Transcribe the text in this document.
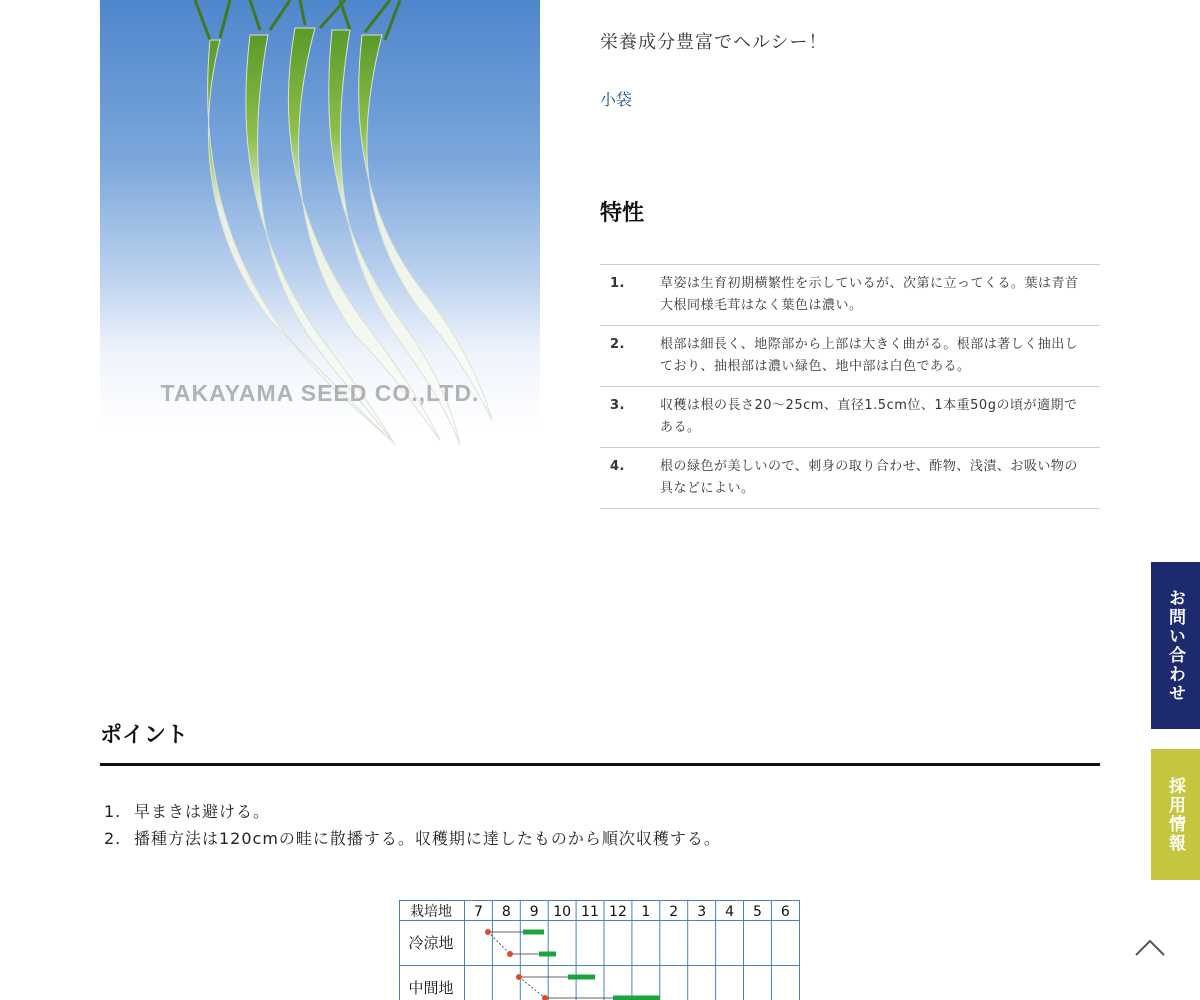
TAKAYAMA SEED CO.,LTD.
栄養成分豊富でヘルシー！
小袋
特性
1.	草姿は生育初期横繁性を示しているが、次第に立ってくる。葉は青首大根同様毛茸はなく葉色は濃い。
2.	根部は細長く、地際部から上部は大きく曲がる。根部は著しく抽出しており、抽根部は濃い緑色、地中部は白色である。
3.	収穫は根の長さ20〜25cm、直径1.5cm位、1本重50gの頃が適期である。
4.	根の緑色が美しいので、刺身の取り合わせ、酢物、浅漬、お吸い物の具などによい。
ポイント
1. 早まきは避ける。
2. 播種方法は120cmの畦に散播する。収穫期に達したものから順次収穫する。
栽培地 7 8 9 10 11 12 1 2 3 4 5 6
冷涼地
中間地
お問い合わせ
採用情報
